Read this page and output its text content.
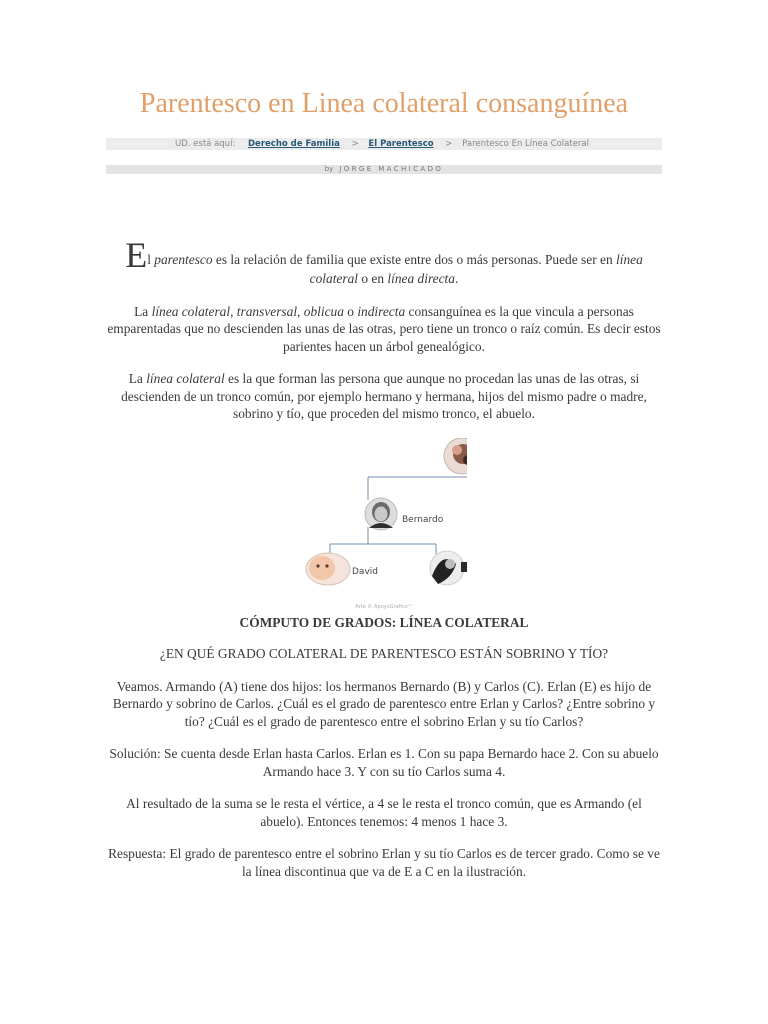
Parentesco en Linea colateral consanguínea
UD. está aquí: Derecho de Familia > El Parentesco > Parentesco En Línea Colateral
by JORGE MACHICADO

El parentesco es la relación de familia que existe entre dos o más personas. Puede ser en línea colateral o en línea directa.

La línea colateral, transversal, oblicua o indirecta consanguínea es la que vincula a personas emparentadas que no descienden las unas de las otras, pero tiene un tronco o raíz común. Es decir estos parientes hacen un árbol genealógico.

La línea colateral es la que forman las persona que aunque no procedan las unas de las otras, si descienden de un tronco común, por ejemplo hermano y hermana, hijos del mismo padre o madre, sobrino y tío, que proceden del mismo tronco, el abuelo.

Bernardo
David
Arte © ApoyoGrafico™

CÓMPUTO DE GRADOS: LÍNEA COLATERAL

¿EN QUÉ GRADO COLATERAL DE PARENTESCO ESTÁN SOBRINO Y TÍO?

Veamos. Armando (A) tiene dos hijos: los hermanos Bernardo (B) y Carlos (C). Erlan (E) es hijo de Bernardo y sobrino de Carlos. ¿Cuál es el grado de parentesco entre Erlan y Carlos? ¿Entre sobrino y tío? ¿Cuál es el grado de parentesco entre el sobrino Erlan y su tío Carlos?

Solución: Se cuenta desde Erlan hasta Carlos. Erlan es 1. Con su papa Bernardo hace 2. Con su abuelo Armando hace 3. Y con su tío Carlos suma 4.

Al resultado de la suma se le resta el vértice, a 4 se le resta el tronco común, que es Armando (el abuelo). Entonces tenemos: 4 menos 1 hace 3.

Respuesta: El grado de parentesco entre el sobrino Erlan y su tío Carlos es de tercer grado. Como se ve la línea discontinua que va de E a C en la ilustración.
